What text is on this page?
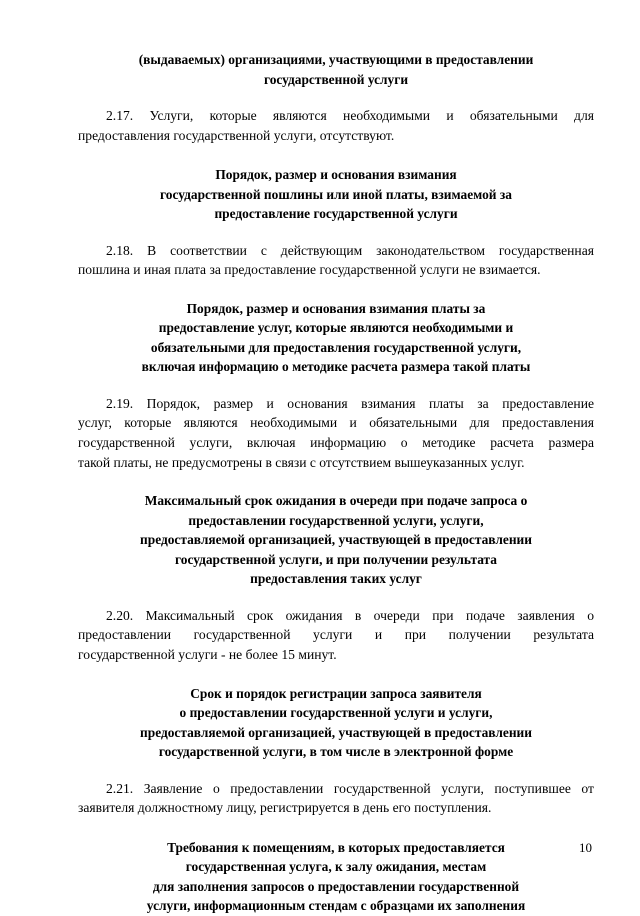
(выдаваемых) организациями, участвующими в предоставлении
государственной услуги
2.17. Услуги, которые являются необходимыми и обязательными для
предоставления государственной услуги, отсутствуют.
Порядок, размер и основания взимания
государственной пошлины или иной платы, взимаемой за
предоставление государственной услуги
2.18. В соответствии с действующим законодательством государственная
пошлина и иная плата за предоставление государственной услуги не взимается.
Порядок, размер и основания взимания платы за
предоставление услуг, которые являются необходимыми и
обязательными для предоставления государственной услуги,
включая информацию о методике расчета размера такой платы
2.19. Порядок, размер и основания взимания платы за предоставление
услуг, которые являются необходимыми и обязательными для предоставления
государственной услуги, включая информацию о методике расчета размера
такой платы, не предусмотрены в связи с отсутствием вышеуказанных услуг.
Максимальный срок ожидания в очереди при подаче запроса о
предоставлении государственной услуги, услуги,
предоставляемой организацией, участвующей в предоставлении
государственной услуги, и при получении результата
предоставления таких услуг
2.20. Максимальный срок ожидания в очереди при подаче заявления о
предоставлении государственной услуги и при получении результата
государственной услуги - не более 15 минут.
Срок и порядок регистрации запроса заявителя
о предоставлении государственной услуги и услуги,
предоставляемой организацией, участвующей в предоставлении
государственной услуги, в том числе в электронной форме
2.21. Заявление о предоставлении государственной услуги, поступившее от
заявителя должностному лицу, регистрируется в день его поступления.
Требования к помещениям, в которых предоставляется
государственная услуга, к залу ожидания, местам
для заполнения запросов о предоставлении государственной
услуги, информационным стендам с образцами их заполнения
10
